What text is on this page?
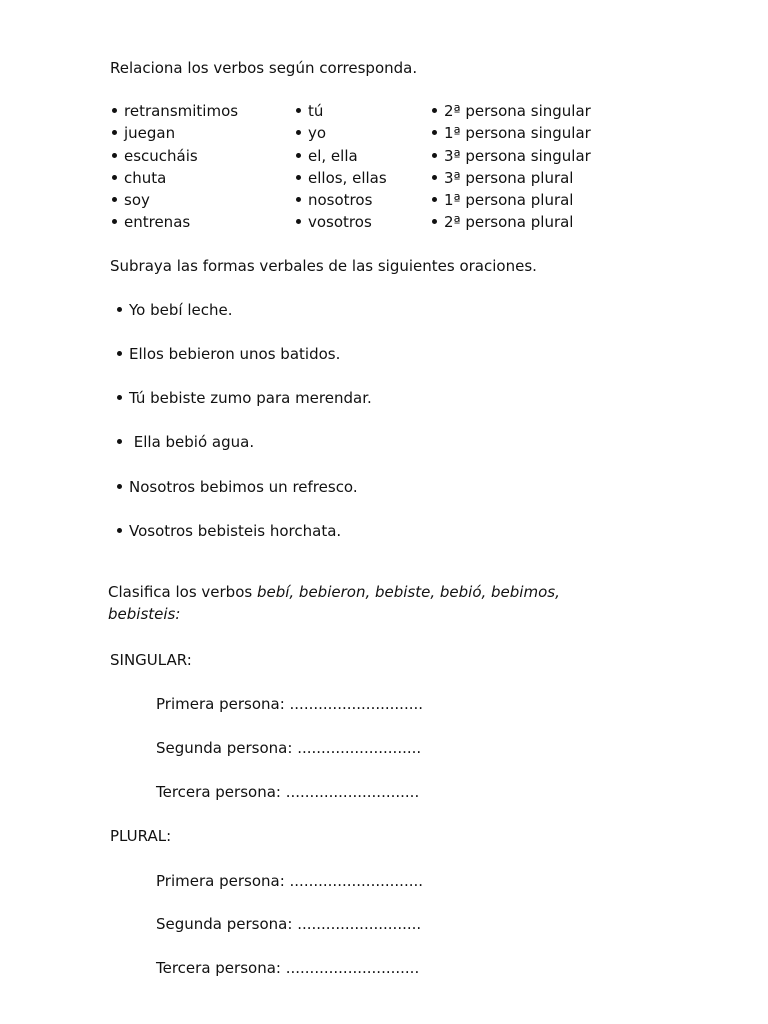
Relaciona los verbos según corresponda.
retransmitimos
juegan
escucháis
chuta
soy
entrenas
tú
yo
el, ella
ellos, ellas
nosotros
vosotros
2ª persona singular
1ª persona singular
3ª persona singular
3ª persona plural
1ª persona plural
2ª persona plural
Subraya las formas verbales de las siguientes oraciones.
Yo bebí leche.
Ellos bebieron unos batidos.
Tú bebiste zumo para merendar.
Ella bebió agua.
Nosotros bebimos un refresco.
Vosotros bebisteis horchata.
Clasifica los verbos bebí, bebieron, bebiste, bebió, bebimos,
bebisteis:
SINGULAR:
Primera persona: ............................
Segunda persona: ..........................
Tercera persona: ............................
PLURAL:
Primera persona: ............................
Segunda persona: ..........................
Tercera persona: ............................
